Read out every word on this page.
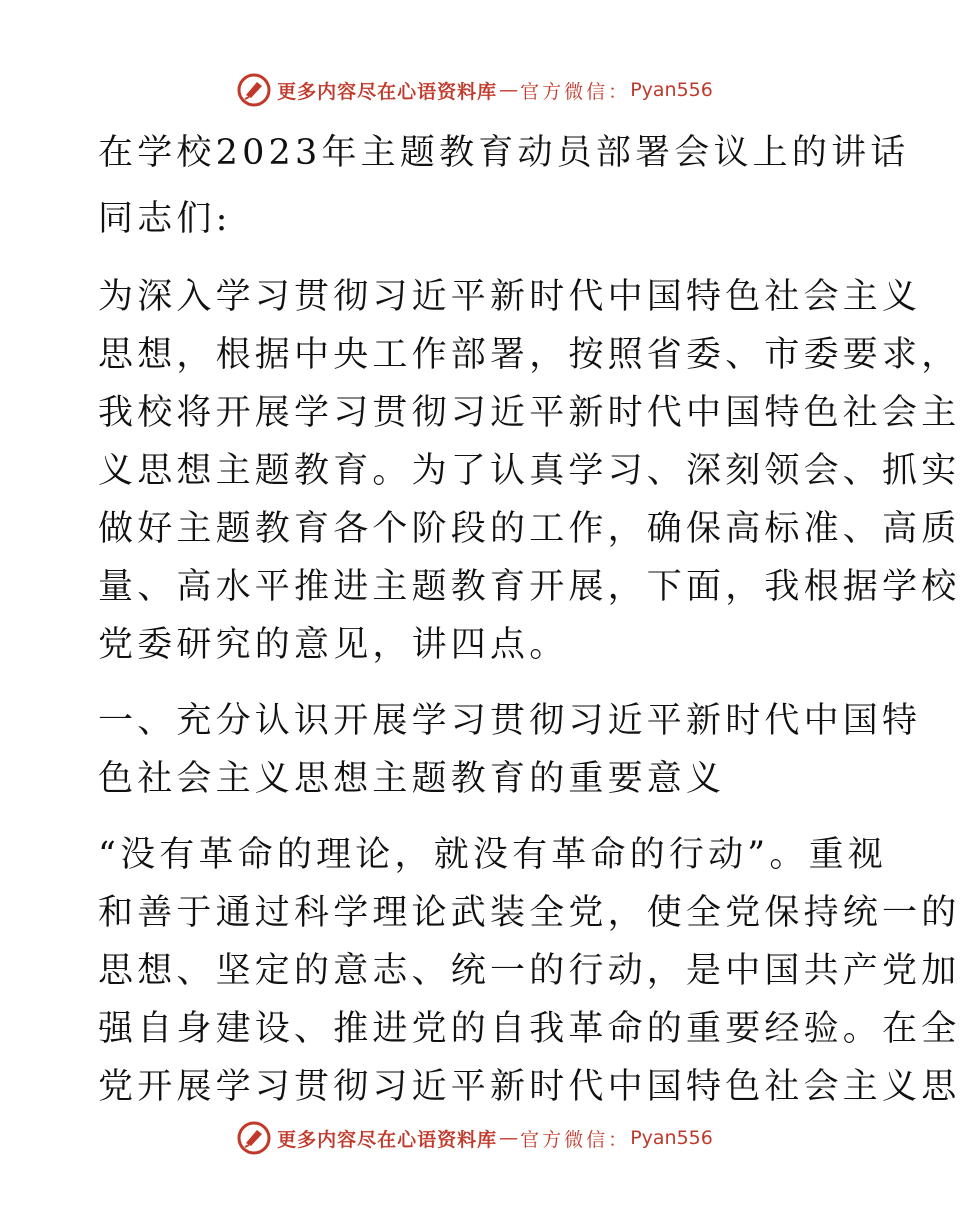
更多内容尽在心语资料库 — 官方微信： Pyan556
在学校2023年主题教育动员部署会议上的讲话
同志们:
为深入学习贯彻习近平新时代中国特色社会主义
思想，根据中央工作部署，按照省委、市委要求，
我校将开展学习贯彻习近平新时代中国特色社会主
义思想主题教育。为了认真学习、深刻领会、抓实
做好主题教育各个阶段的工作，确保高标准、高质
量、高水平推进主题教育开展，下面，我根据学校
党委研究的意见，讲四点。
一、充分认识开展学习贯彻习近平新时代中国特
色社会主义思想主题教育的重要意义
“没有革命的理论，就没有革命的行动”。重视
和善于通过科学理论武装全党，使全党保持统一的
思想、坚定的意志、统一的行动，是中国共产党加
强自身建设、推进党的自我革命的重要经验。在全
党开展学习贯彻习近平新时代中国特色社会主义思
更多内容尽在心语资料库 — 官方微信： Pyan556
